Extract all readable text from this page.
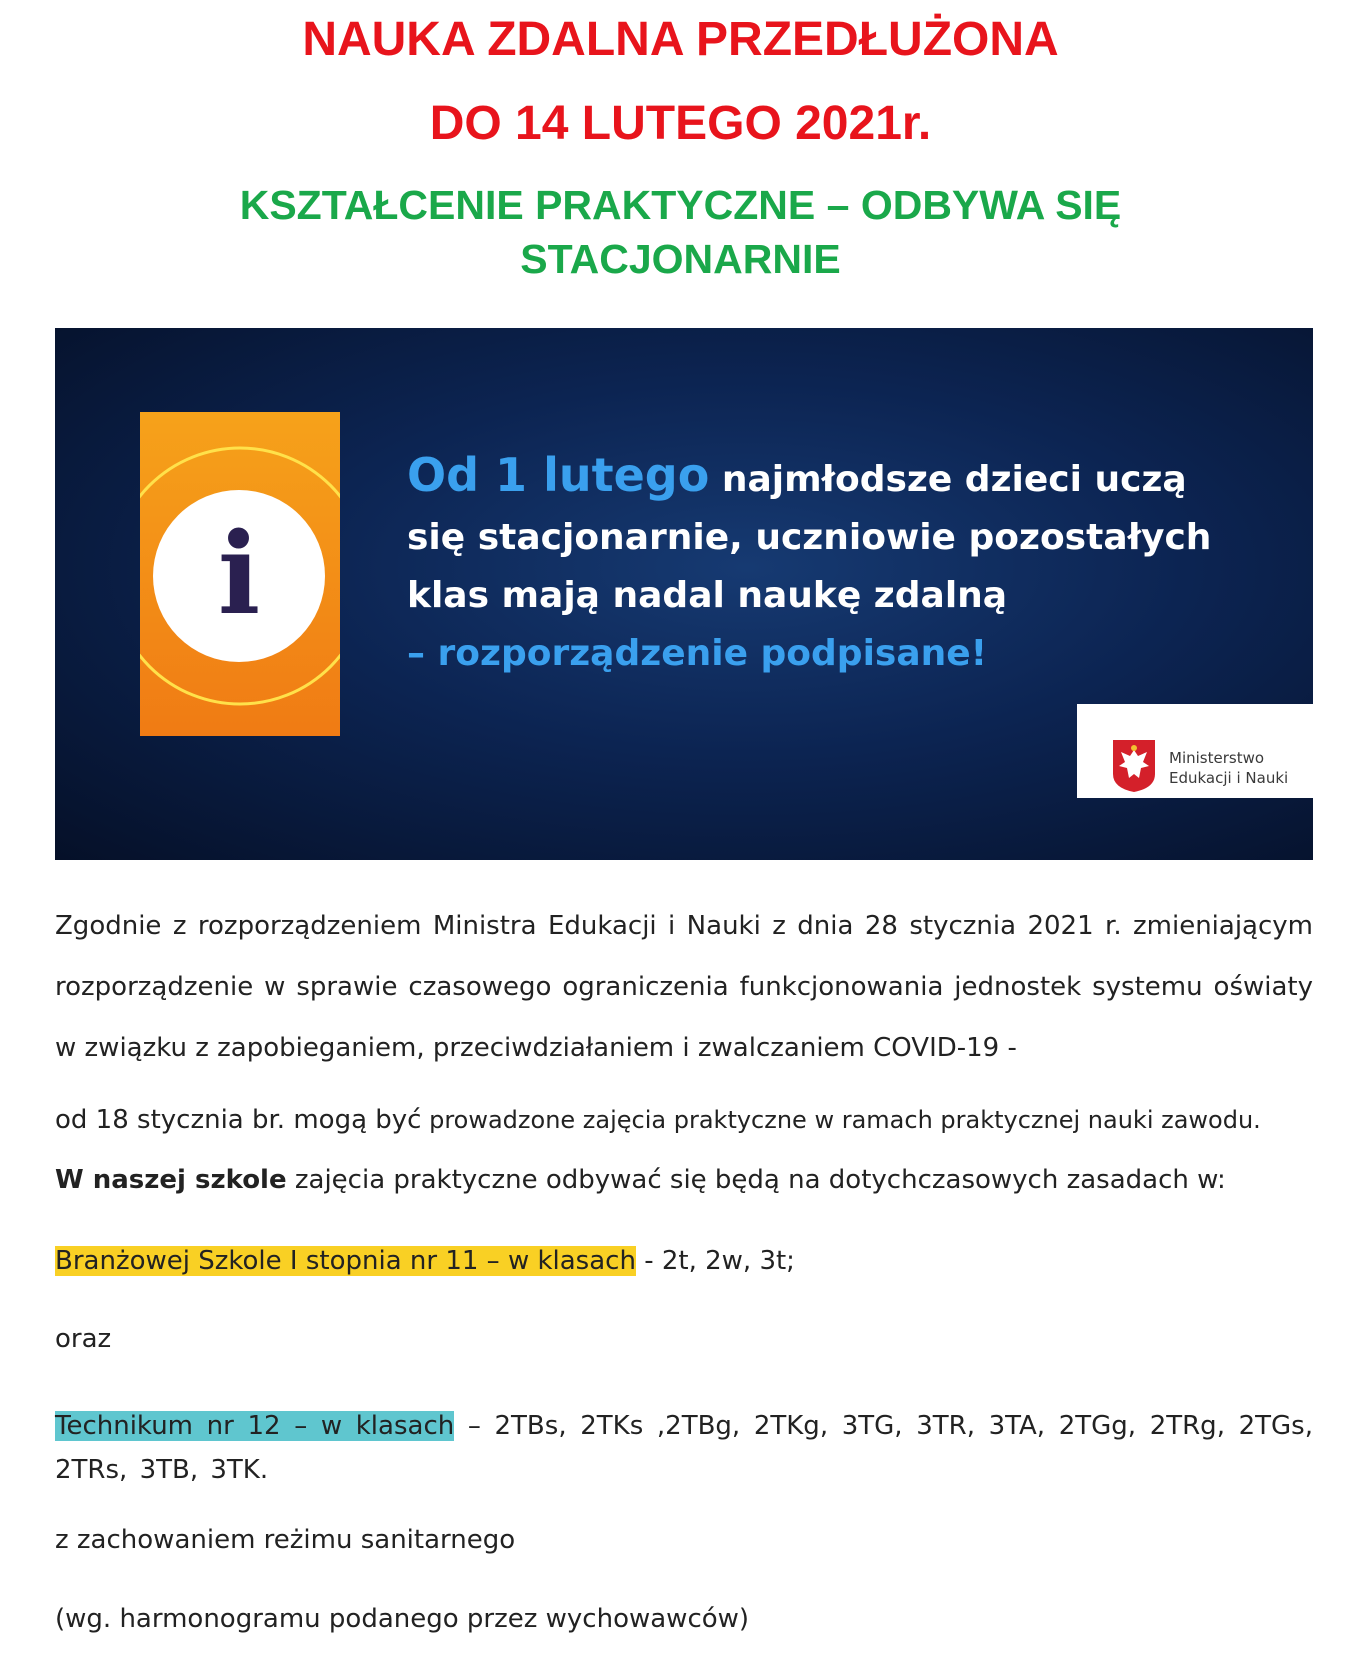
NAUKA ZDALNA PRZEDŁUŻONA
DO 14 LUTEGO 2021r.
KSZTAŁCENIE PRAKTYCZNE – ODBYWA SIĘ STACJONARNIE
i
Od 1 lutego najmłodsze dzieci uczą się stacjonarnie, uczniowie pozostałych klas mają nadal naukę zdalną
– rozporządzenie podpisane!
Ministerstwo
Edukacji i Nauki

Zgodnie z rozporządzeniem Ministra Edukacji i Nauki z dnia 28 stycznia 2021 r. zmieniającym rozporządzenie w sprawie czasowego ograniczenia funkcjonowania jednostek systemu oświaty w związku z zapobieganiem, przeciwdziałaniem i zwalczaniem COVID-19 -

od 18 stycznia br. mogą być prowadzone zajęcia praktyczne w ramach praktycznej nauki zawodu.

W naszej szkole zajęcia praktyczne odbywać się będą na dotychczasowych zasadach w:

Branżowej Szkole I stopnia nr 11 – w klasach - 2t, 2w, 3t;

oraz

Technikum nr 12 – w klasach – 2TBs, 2TKs ,2TBg, 2TKg, 3TG, 3TR, 3TA, 2TGg, 2TRg, 2TGs, 2TRs, 3TB, 3TK.

z zachowaniem reżimu sanitarnego

(wg. harmonogramu podanego przez wychowawców)
